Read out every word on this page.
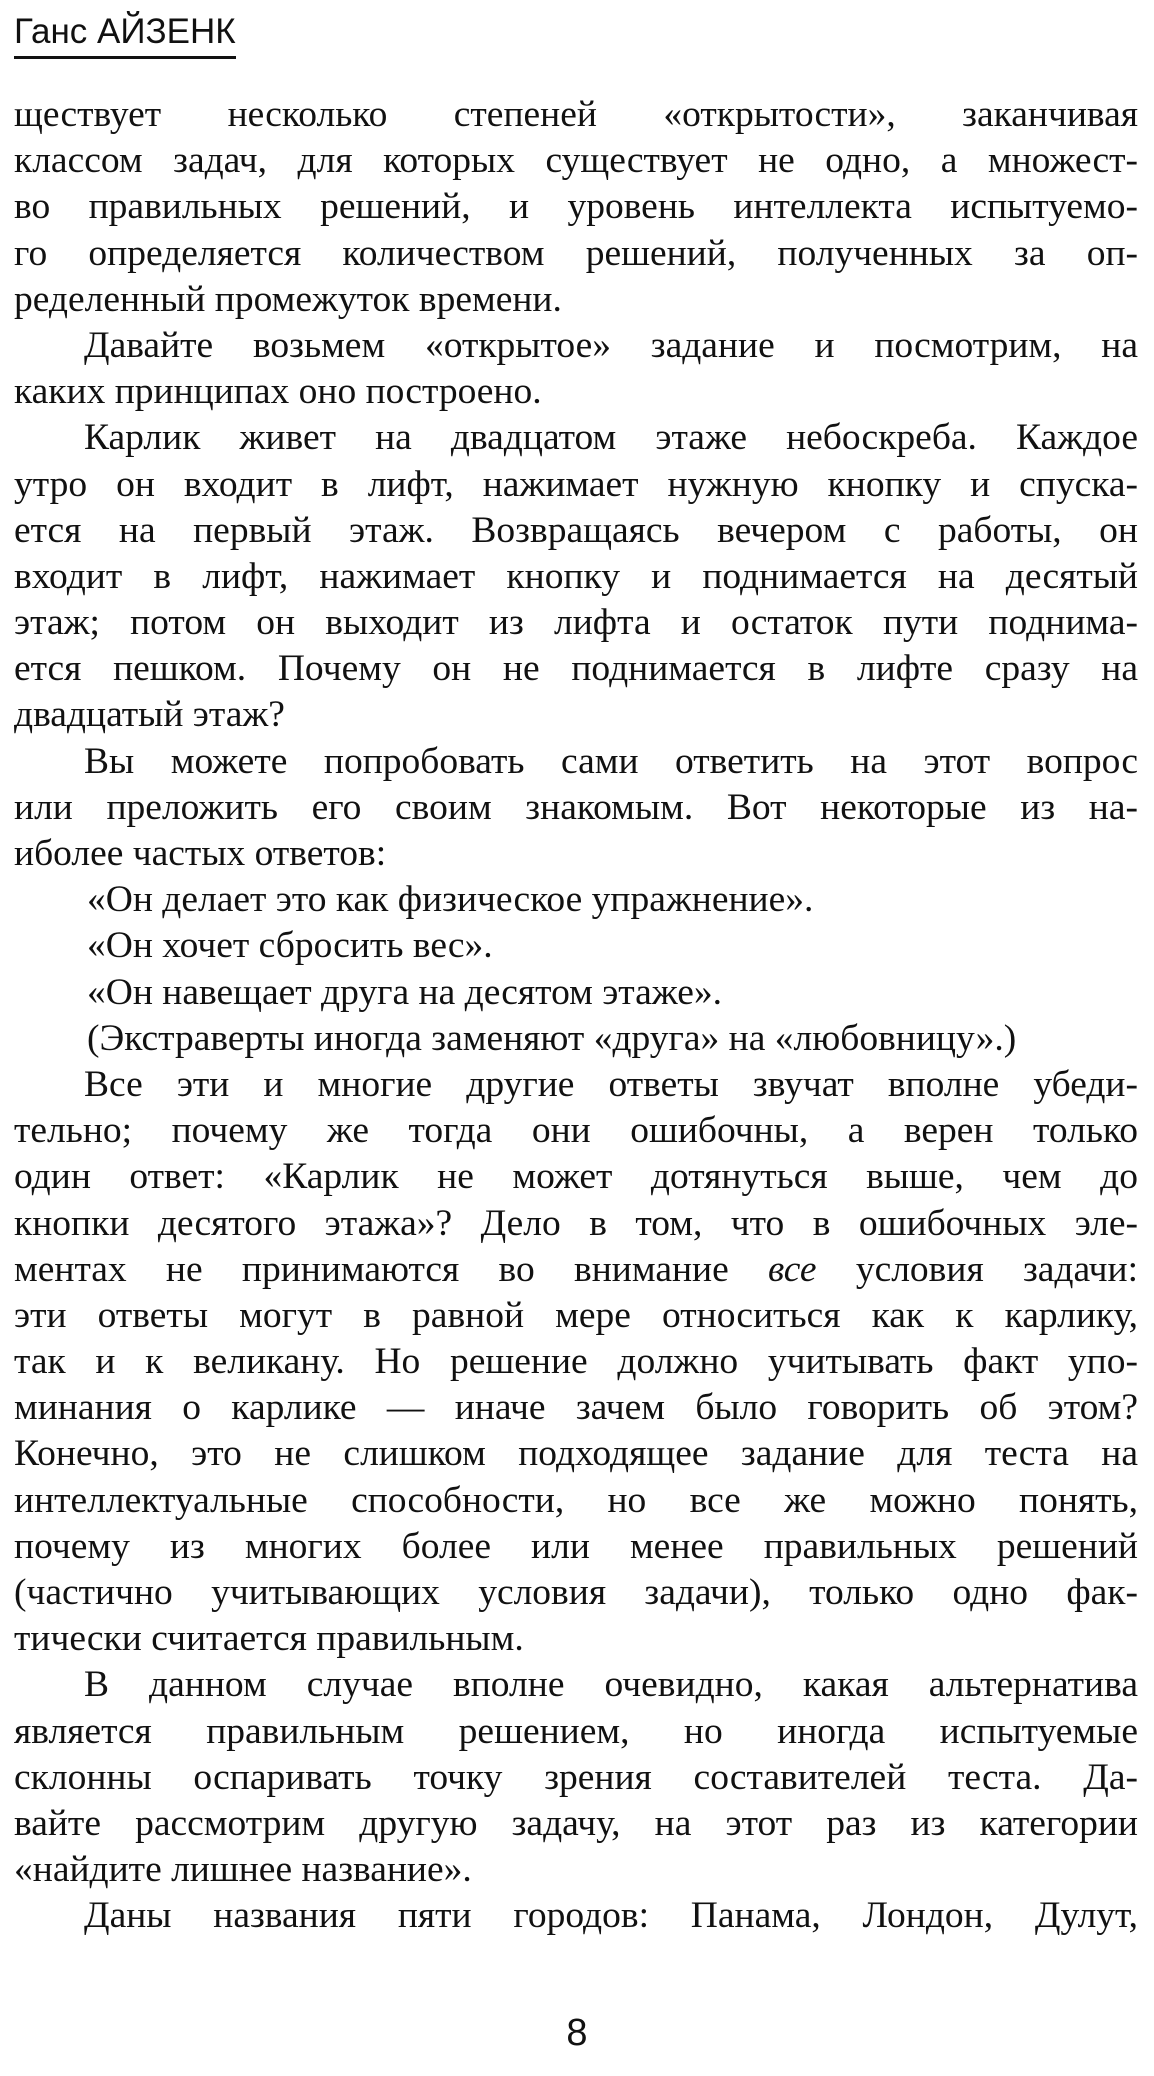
Ганс АЙЗЕНК
ществует несколько степеней «открытости», заканчивая
классом задач, для которых существует не одно, а множест-
во правильных решений, и уровень интеллекта испытуемо-
го определяется количеством решений, полученных за оп-
ределенный промежуток времени.
Давайте возьмем «открытое» задание и посмотрим, на
каких принципах оно построено.
Карлик живет на двадцатом этаже небоскреба. Каждое
утро он входит в лифт, нажимает нужную кнопку и спуска-
ется на первый этаж. Возвращаясь вечером с работы, он
входит в лифт, нажимает кнопку и поднимается на десятый
этаж; потом он выходит из лифта и остаток пути поднима-
ется пешком. Почему он не поднимается в лифте сразу на
двадцатый этаж?
Вы можете попробовать сами ответить на этот вопрос
или преложить его своим знакомым. Вот некоторые из на-
иболее частых ответов:
«Он делает это как физическое упражнение».
«Он хочет сбросить вес».
«Он навещает друга на десятом этаже».
(Экстраверты иногда заменяют «друга» на «любовницу».)
Все эти и многие другие ответы звучат вполне убеди-
тельно; почему же тогда они ошибочны, а верен только
один ответ: «Карлик не может дотянуться выше, чем до
кнопки десятого этажа»? Дело в том, что в ошибочных эле-
ментах не принимаются во внимание все условия задачи:
эти ответы могут в равной мере относиться как к карлику,
так и к великану. Но решение должно учитывать факт упо-
минания о карлике — иначе зачем было говорить об этом?
Конечно, это не слишком подходящее задание для теста на
интеллектуальные способности, но все же можно понять,
почему из многих более или менее правильных решений
(частично учитывающих условия задачи), только одно фак-
тически считается правильным.
В данном случае вполне очевидно, какая альтернатива
является правильным решением, но иногда испытуемые
склонны оспаривать точку зрения составителей теста. Да-
вайте рассмотрим другую задачу, на этот раз из категории
«найдите лишнее название».
Даны названия пяти городов: Панама, Лондон, Дулут,
8
